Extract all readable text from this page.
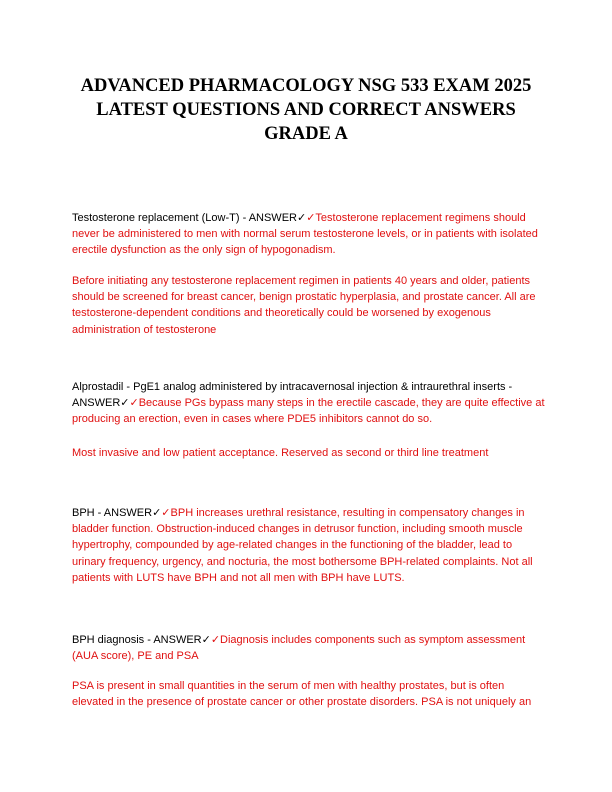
ADVANCED PHARMACOLOGY NSG 533 EXAM 2025
LATEST QUESTIONS AND CORRECT ANSWERS
GRADE A
Testosterone replacement (Low-T) - ANSWER✓✓Testosterone replacement regimens should never be administered to men with normal serum testosterone levels, or in patients with isolated erectile dysfunction as the only sign of hypogonadism.
Before initiating any testosterone replacement regimen in patients 40 years and older, patients should be screened for breast cancer, benign prostatic hyperplasia, and prostate cancer. All are testosterone-dependent conditions and theoretically could be worsened by exogenous administration of testosterone
Alprostadil - PgE1 analog administered by intracavernosal injection & intraurethral inserts - ANSWER✓✓Because PGs bypass many steps in the erectile cascade, they are quite effective at producing an erection, even in cases where PDE5 inhibitors cannot do so.
Most invasive and low patient acceptance. Reserved as second or third line treatment
BPH - ANSWER✓✓BPH increases urethral resistance, resulting in compensatory changes in bladder function. Obstruction-induced changes in detrusor function, including smooth muscle hypertrophy, compounded by age-related changes in the functioning of the bladder, lead to urinary frequency, urgency, and nocturia, the most bothersome BPH-related complaints. Not all patients with LUTS have BPH and not all men with BPH have LUTS.
BPH diagnosis - ANSWER✓✓Diagnosis includes components such as symptom assessment (AUA score), PE and PSA
PSA is present in small quantities in the serum of men with healthy prostates, but is often elevated in the presence of prostate cancer or other prostate disorders. PSA is not uniquely an
